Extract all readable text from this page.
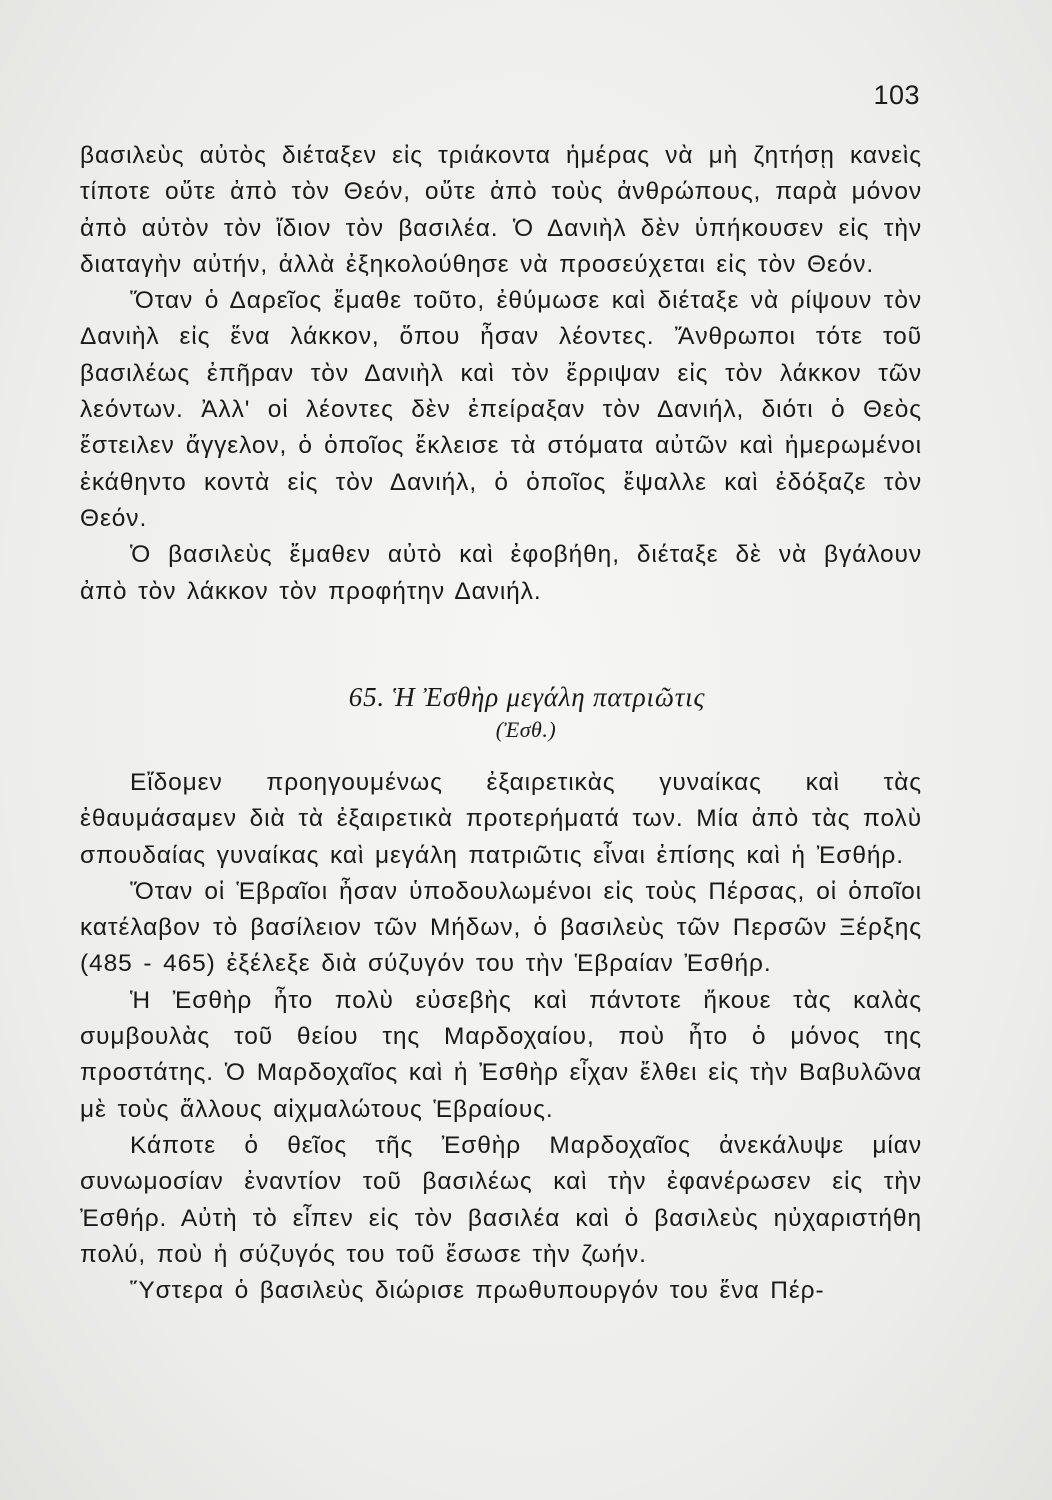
103

βασιλεὺς αὐτὸς διέταξεν εἰς τριάκοντα ἡμέρας νὰ μὴ ζητήσῃ κανεὶς τίποτε οὔτε ἀπὸ τὸν Θεόν, οὔτε ἀπὸ τοὺς ἀνθρώπους, παρὰ μόνον ἀπὸ αὐτὸν τὸν ἴδιον τὸν βασιλέα. Ὁ Δανιὴλ δὲν ὑπήκουσεν εἰς τὴν διαταγὴν αὐτήν, ἀλλὰ ἐξηκολούθησε νὰ προσεύχεται εἰς τὸν Θεόν.

Ὅταν ὁ Δαρεῖος ἔμαθε τοῦτο, ἐθύμωσε καὶ διέταξε νὰ ρίψουν τὸν Δανιὴλ εἰς ἕνα λάκκον, ὅπου ἦσαν λέοντες. Ἄνθρωποι τότε τοῦ βασιλέως ἐπῆραν τὸν Δανιὴλ καὶ τὸν ἔρριψαν εἰς τὸν λάκκον τῶν λεόντων. Ἀλλ' οἱ λέοντες δὲν ἐπείραξαν τὸν Δανιήλ, διότι ὁ Θεὸς ἔστειλεν ἄγγελον, ὁ ὁποῖος ἔκλεισε τὰ στόματα αὐτῶν καὶ ἡμερωμένοι ἐκάθηντο κοντὰ εἰς τὸν Δανιήλ, ὁ ὁποῖος ἔψαλλε καὶ ἐδόξαζε τὸν Θεόν.

Ὁ βασιλεὺς ἔμαθεν αὐτὸ καὶ ἐφοβήθη, διέταξε δὲ νὰ βγάλουν ἀπὸ τὸν λάκκον τὸν προφήτην Δανιήλ.

65. Ἡ Ἐσθὴρ μεγάλη πατριῶτις
(Ἐσθ.)

Εἴδομεν προηγουμένως ἐξαιρετικὰς γυναίκας καὶ τὰς ἐθαυμάσαμεν διὰ τὰ ἐξαιρετικὰ προτερήματά των. Μία ἀπὸ τὰς πολὺ σπουδαίας γυναίκας καὶ μεγάλη πατριῶτις εἶναι ἐπίσης καὶ ἡ Ἐσθήρ.

Ὅταν οἱ Ἑβραῖοι ἦσαν ὑποδουλωμένοι εἰς τοὺς Πέρσας, οἱ ὁποῖοι κατέλαβον τὸ βασίλειον τῶν Μήδων, ὁ βασιλεὺς τῶν Περσῶν Ξέρξης (485 - 465) ἐξέλεξε διὰ σύζυγόν του τὴν Ἑβραίαν Ἐσθήρ.

Ἡ Ἐσθὴρ ἦτο πολὺ εὐσεβὴς καὶ πάντοτε ἤκουε τὰς καλὰς συμβουλὰς τοῦ θείου της Μαρδοχαίου, ποὺ ἦτο ὁ μόνος της προστάτης. Ὁ Μαρδοχαῖος καὶ ἡ Ἐσθὴρ εἶχαν ἔλθει εἰς τὴν Βαβυλῶνα μὲ τοὺς ἄλλους αἰχμαλώτους Ἑβραίους.

Κάποτε ὁ θεῖος τῆς Ἐσθὴρ Μαρδοχαῖος ἀνεκάλυψε μίαν συνωμοσίαν ἐναντίον τοῦ βασιλέως καὶ τὴν ἐφανέρωσεν εἰς τὴν Ἐσθήρ. Αὐτὴ τὸ εἶπεν εἰς τὸν βασιλέα καὶ ὁ βασιλεὺς ηὐχαριστήθη πολύ, ποὺ ἡ σύζυγός του τοῦ ἔσωσε τὴν ζωήν.

Ὕστερα ὁ βασιλεὺς διώρισε πρωθυπουργόν του ἕνα Πέρ-
